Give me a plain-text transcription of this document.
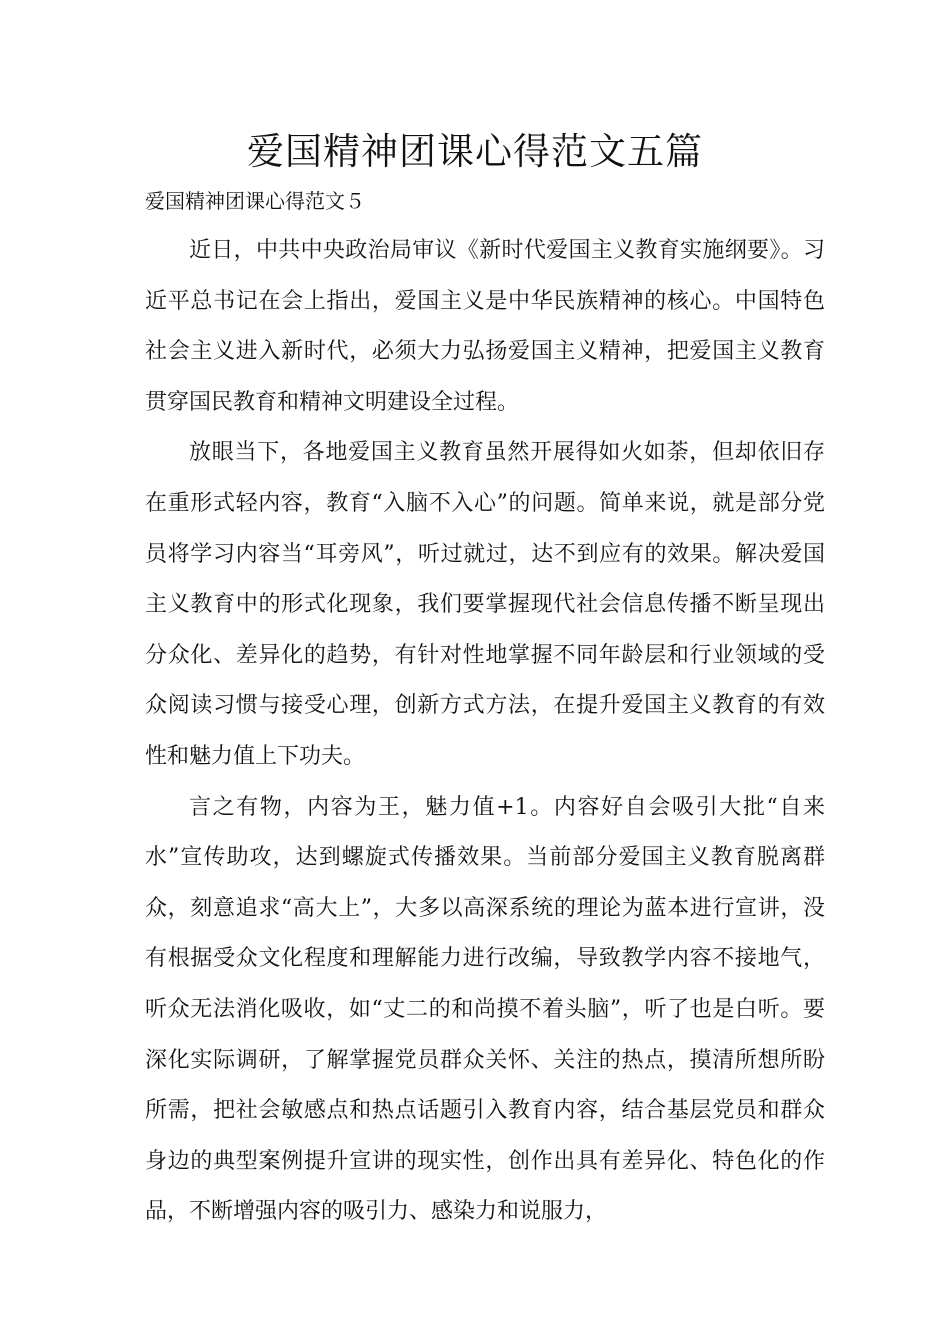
爱国精神团课心得范文五篇

爱国精神团课心得范文５

近日，中共中央政治局审议《新时代爱国主义教育实施纲要》。习近平总书记在会上指出，爱国主义是中华民族精神的核心。中国特色社会主义进入新时代，必须大力弘扬爱国主义精神，把爱国主义教育贯穿国民教育和精神文明建设全过程。

放眼当下，各地爱国主义教育虽然开展得如火如荼，但却依旧存在重形式轻内容，教育“入脑不入心”的问题。简单来说，就是部分党员将学习内容当“耳旁风”，听过就过，达不到应有的效果。解决爱国主义教育中的形式化现象，我们要掌握现代社会信息传播不断呈现出分众化、差异化的趋势，有针对性地掌握不同年龄层和行业领域的受众阅读习惯与接受心理，创新方式方法，在提升爱国主义教育的有效性和魅力值上下功夫。

言之有物，内容为王，魅力值+1。内容好自会吸引大批“自来水”宣传助攻，达到螺旋式传播效果。当前部分爱国主义教育脱离群众，刻意追求“高大上”，大多以高深系统的理论为蓝本进行宣讲，没有根据受众文化程度和理解能力进行改编，导致教学内容不接地气，听众无法消化吸收，如“丈二的和尚摸不着头脑”，听了也是白听。要深化实际调研，了解掌握党员群众关怀、关注的热点，摸清所想所盼所需，把社会敏感点和热点话题引入教育内容，结合基层党员和群众身边的典型案例提升宣讲的现实性，创作出具有差异化、特色化的作品，不断增强内容的吸引力、感染力和说服力，
